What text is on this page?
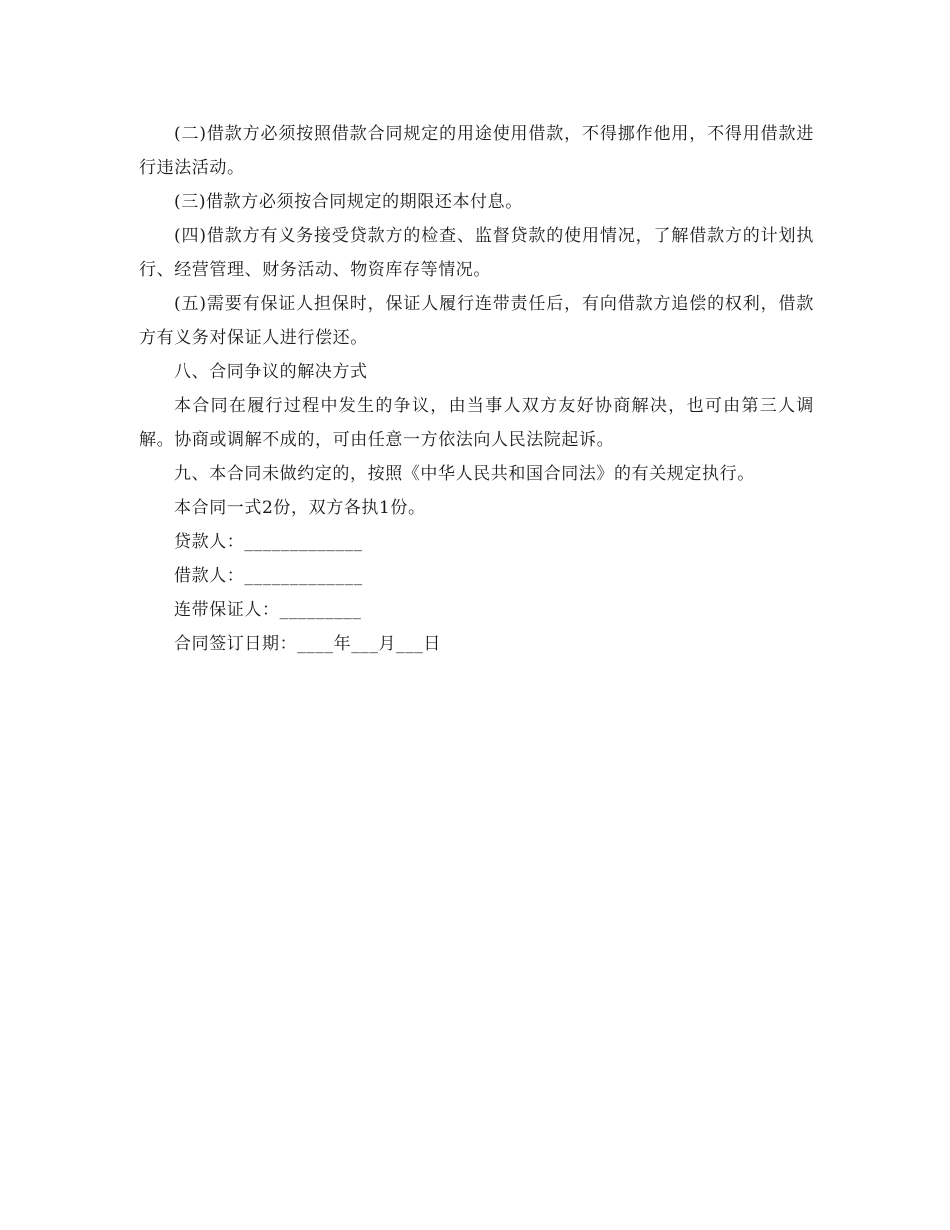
(二)借款方必须按照借款合同规定的用途使用借款，不得挪作他用，不得用借款进行违法活动。

(三)借款方必须按合同规定的期限还本付息。

(四)借款方有义务接受贷款方的检查、监督贷款的使用情况，了解借款方的计划执行、经营管理、财务活动、物资库存等情况。

(五)需要有保证人担保时，保证人履行连带责任后，有向借款方追偿的权利，借款方有义务对保证人进行偿还。

八、合同争议的解决方式

本合同在履行过程中发生的争议，由当事人双方友好协商解决，也可由第三人调解。协商或调解不成的，可由任意一方依法向人民法院起诉。

九、本合同未做约定的，按照《中华人民共和国合同法》的有关规定执行。

本合同一式2份，双方各执1份。

贷款人：_____________

借款人：_____________

连带保证人：_________

合同签订日期：____年___月___日
